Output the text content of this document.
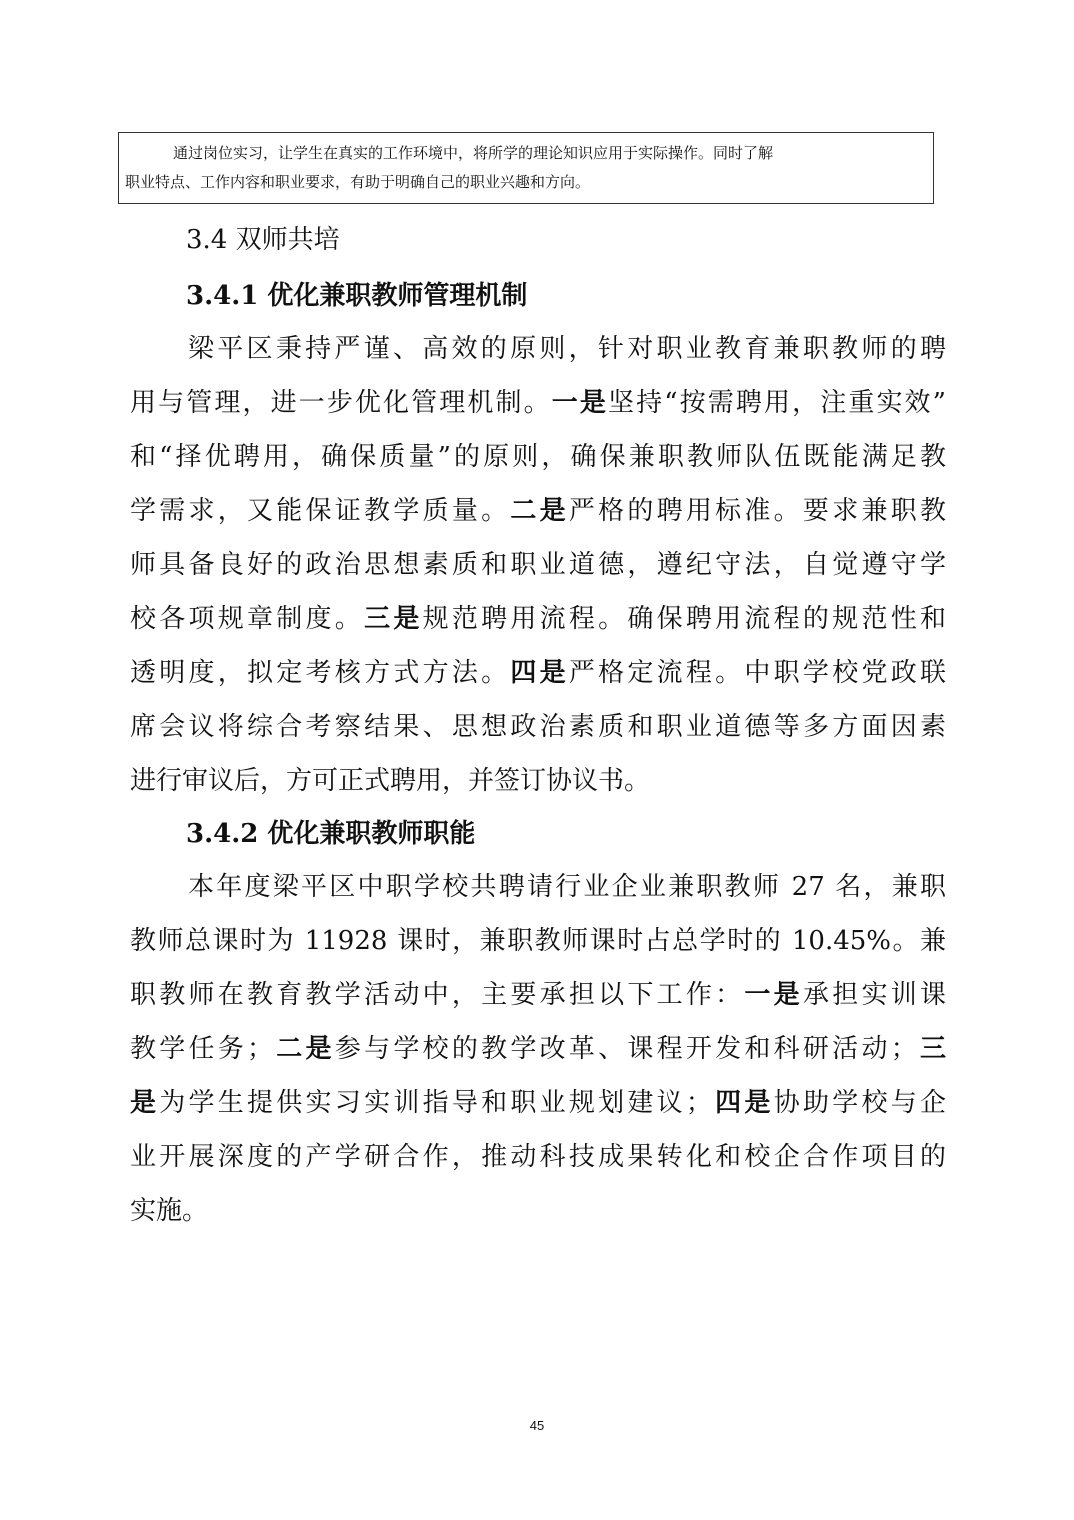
通过岗位实习，让学生在真实的工作环境中，将所学的理论知识应用于实际操作。同时了解

职业特点、工作内容和职业要求，有助于明确自己的职业兴趣和方向。

3.4 双师共培
3.4.1 优化兼职教师管理机制
梁平区秉持严谨、高效的原则，针对职业教育兼职教师的聘
用与管理，进一步优化管理机制。一是坚持“按需聘用，注重实效”
和“择优聘用，确保质量”的原则，确保兼职教师队伍既能满足教
学需求，又能保证教学质量。二是严格的聘用标准。要求兼职教
师具备良好的政治思想素质和职业道德，遵纪守法，自觉遵守学
校各项规章制度。三是规范聘用流程。确保聘用流程的规范性和
透明度，拟定考核方式方法。四是严格定流程。中职学校党政联
席会议将综合考察结果、思想政治素质和职业道德等多方面因素
进行审议后，方可正式聘用，并签订协议书。
3.4.2 优化兼职教师职能
本年度梁平区中职学校共聘请行业企业兼职教师 27 名，兼职
教师总课时为 11928 课时，兼职教师课时占总学时的 10.45%。兼
职教师在教育教学活动中，主要承担以下工作：一是承担实训课
教学任务；二是参与学校的教学改革、课程开发和科研活动；三
是为学生提供实习实训指导和职业规划建议；四是协助学校与企
业开展深度的产学研合作，推动科技成果转化和校企合作项目的
实施。
45
